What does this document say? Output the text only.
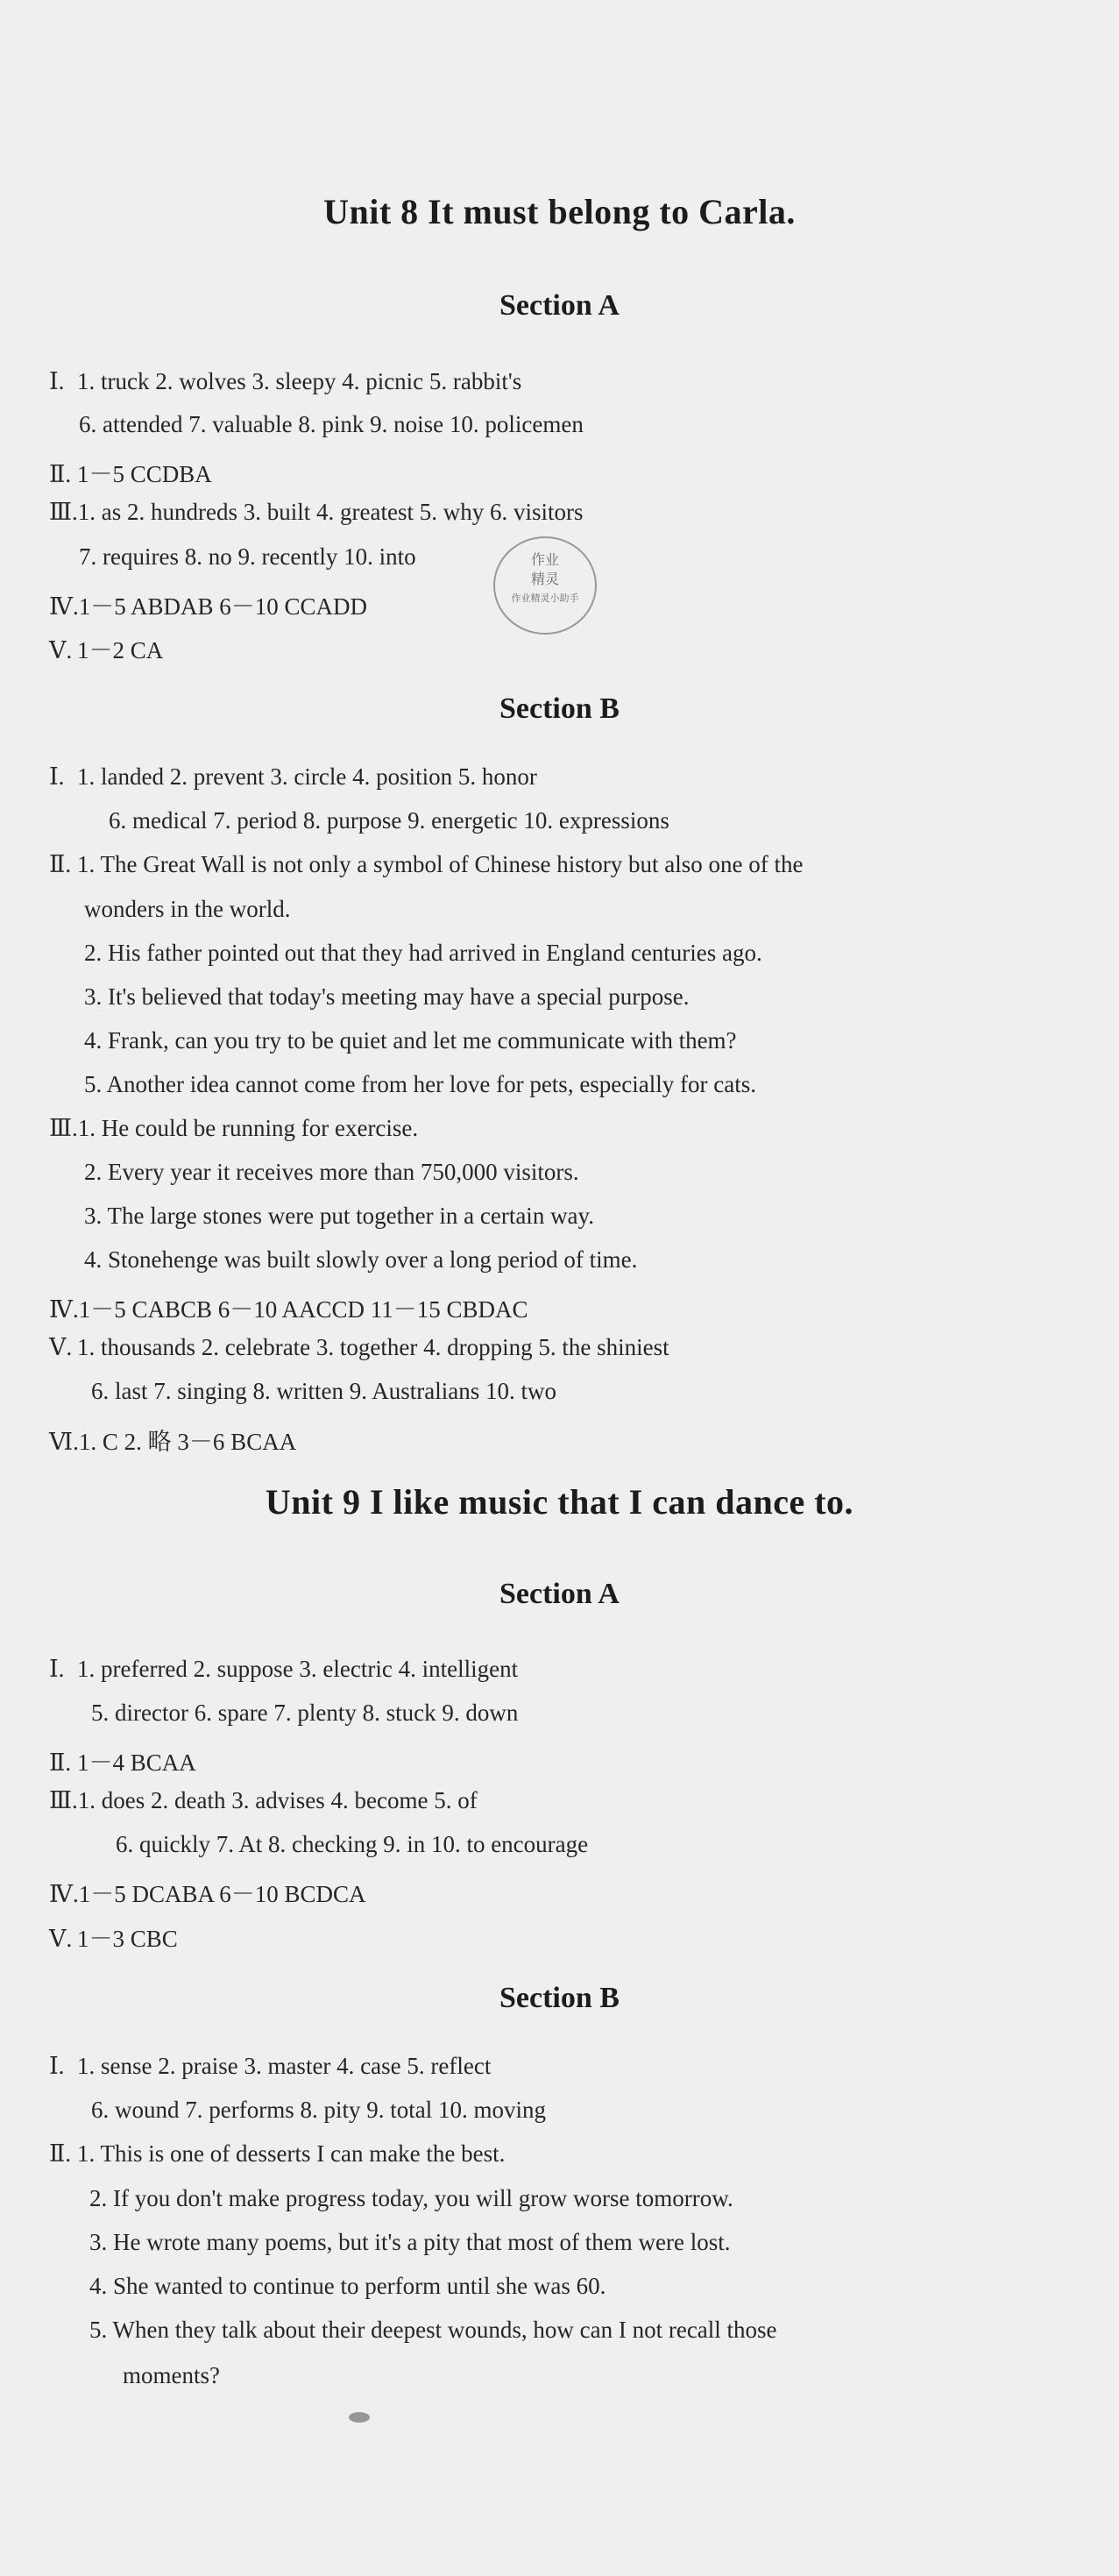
Unit 8 It must belong to Carla.
Section A
Ⅰ. 1. truck 2. wolves 3. sleepy 4. picnic 5. rabbit's
6. attended 7. valuable 8. pink 9. noise 10. policemen
Ⅱ. 1－5 CCDBA
Ⅲ.1. as 2. hundreds 3. built 4. greatest 5. why 6. visitors
7. requires 8. no 9. recently 10. into
Ⅳ.1－5 ABDAB 6－10 CCADD
Ⅴ. 1－2 CA
作业
精灵
作业精灵小助手
Section B
Ⅰ. 1. landed 2. prevent 3. circle 4. position 5. honor
6. medical 7. period 8. purpose 9. energetic 10. expressions
Ⅱ. 1. The Great Wall is not only a symbol of Chinese history but also one of the
wonders in the world.
2. His father pointed out that they had arrived in England centuries ago.
3. It's believed that today's meeting may have a special purpose.
4. Frank, can you try to be quiet and let me communicate with them?
5. Another idea cannot come from her love for pets, especially for cats.
Ⅲ.1. He could be running for exercise.
2. Every year it receives more than 750,000 visitors.
3. The large stones were put together in a certain way.
4. Stonehenge was built slowly over a long period of time.
Ⅳ.1－5 CABCB 6－10 AACCD 11－15 CBDAC
Ⅴ. 1. thousands 2. celebrate 3. together 4. dropping 5. the shiniest
6. last 7. singing 8. written 9. Australians 10. two
Ⅵ.1. C 2. 略 3－6 BCAA
Unit 9 I like music that I can dance to.
Section A
Ⅰ. 1. preferred 2. suppose 3. electric 4. intelligent
5. director 6. spare 7. plenty 8. stuck 9. down
Ⅱ. 1－4 BCAA
Ⅲ.1. does 2. death 3. advises 4. become 5. of
6. quickly 7. At 8. checking 9. in 10. to encourage
Ⅳ.1－5 DCABA 6－10 BCDCA
Ⅴ. 1－3 CBC
Section B
Ⅰ. 1. sense 2. praise 3. master 4. case 5. reflect
6. wound 7. performs 8. pity 9. total 10. moving
Ⅱ. 1. This is one of desserts I can make the best.
2. If you don't make progress today, you will grow worse tomorrow.
3. He wrote many poems, but it's a pity that most of them were lost.
4. She wanted to continue to perform until she was 60.
5. When they talk about their deepest wounds, how can I not recall those
moments?
